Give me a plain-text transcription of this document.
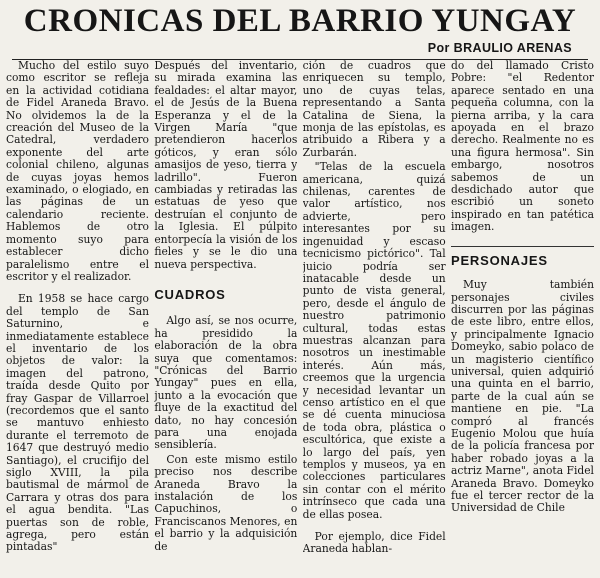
CRONICAS DEL BARRIO YUNGAY
Por BRAULIO ARENAS

Mucho del estilo suyo como escritor se refleja en la actividad cotidiana de Fidel Araneda Bravo. No olvidemos la de la creación del Museo de la Catedral, verdadero exponente del arte colonial chileno, algunas de cuyas joyas hemos examinado, o elogiado, en las páginas de un calendario reciente. Hablemos de otro momento suyo para establecer dicho paralelismo entre el escritor y el realizador.

En 1958 se hace cargo del templo de San Saturnino, e inmediatamente establece el inventario de los objetos de valor: la imagen del patrono, traída desde Quito por fray Gaspar de Villarroel (recordemos que el santo se mantuvo enhiesto durante el terremoto de 1647 que destruyó medio Santiago), el crucifijo del siglo XVIII, la pila bautismal de mármol de Carrara y otras dos para el agua bendita. "Las puertas son de roble, agrega, pero están pintadas"

Después del inventario, su mirada examina las fealdades: el altar mayor, el de Jesús de la Buena Esperanza y el de la Virgen María "que pretendieron hacerlos góticos, y eran sólo amasijos de yeso, tierra y ladrillo". Fueron cambiadas y retiradas las estatuas de yeso que destruían el conjunto de la Iglesia. El púlpito entorpecía la visión de los fieles y se le dio una nueva perspectiva.

CUADROS

Algo así, se nos ocurre, ha presidido la elaboración de la obra suya que comentamos: "Crónicas del Barrio Yungay" pues en ella, junto a la evocación que fluye de la exactitud del dato, no hay concesión para una enojada sensiblería.

Con este mismo estilo preciso nos describe Araneda Bravo la instalación de los Capuchinos, o Franciscanos Menores, en el barrio y la adquisición de

ción de cuadros que enriquecen su templo, uno de cuyas telas, representando a Santa Catalina de Siena, la monja de las epístolas, es atribuido a Ribera y a Zurbarán.

"Telas de la escuela americana, quizá chilenas, carentes de valor artístico, nos advierte, pero interesantes por su ingenuidad y escaso tecnicismo pictórico". Tal juicio podría ser inatacable desde un punto de vista general, pero, desde el ángulo de nuestro patrimonio cultural, todas estas muestras alcanzan para nosotros un inestimable interés. Aún más, creemos que la urgencia y necesidad levantar un censo artístico en el que se dé cuenta minuciosa de toda obra, plástica o escultórica, que existe a lo largo del país, yen templos y museos, ya en colecciones particulares sin contar con el mérito intrínseco que cada una de ellas posea.

Por ejemplo, dice Fidel Araneda hablan-

do del llamado Cristo Pobre: "el Redentor aparece sentado en una pequeña columna, con la pierna arriba, y la cara apoyada en el brazo derecho. Realmente no es una figura hermosa". Sin embargo, nosotros sabemos de un desdichado autor que escribió un soneto inspirado en tan patética imagen.

PERSONAJES

Muy también personajes civiles discurren por las páginas de este libro, entre ellos, y principalmente Ignacio Domeyko, sabio polaco de un magisterio científico universal, quien adquirió una quinta en el barrio, parte de la cual aún se mantiene en pie. "La compró al francés Eugenio Molou que huía de la policía francesa por haber robado joyas a la actriz Marne", anota Fidel Araneda Bravo. Domeyko fue el tercer rector de la Universidad de Chile
